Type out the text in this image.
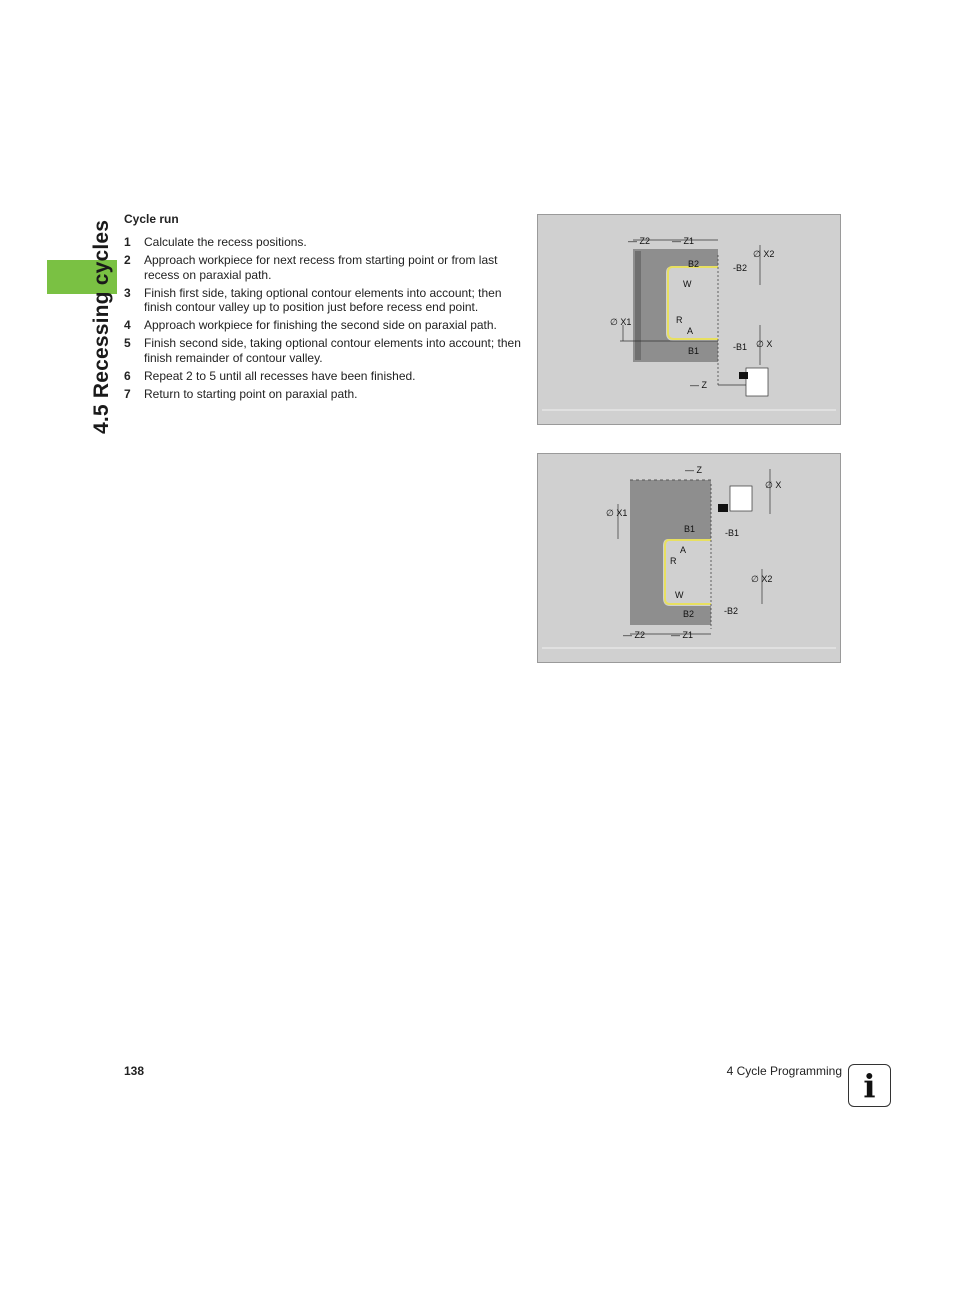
4.5 Recessing cycles
Cycle run
1	Calculate the recess positions.
2	Approach workpiece for next recess from starting point or from last recess on paraxial path.
3	Finish first side, taking optional contour elements into account; then finish contour valley up to position just before recess end point.
4	Approach workpiece for finishing the second side on paraxial path.
5	Finish second side, taking optional contour elements into account; then finish remainder of contour valley.
6	Repeat 2 to 5 until all recesses have been finished.
7	Return to starting point on paraxial path.
— Z2 — Z1
∅ X2
-B2
B2
W
∅ X1	R
A
B1	-B1 ∅ X
— Z
— Z
∅ X
∅ X1
B1	-B1
A
R
∅ X2
W
B2	-B2
— Z2	— Z1
138	4 Cycle Programming i
